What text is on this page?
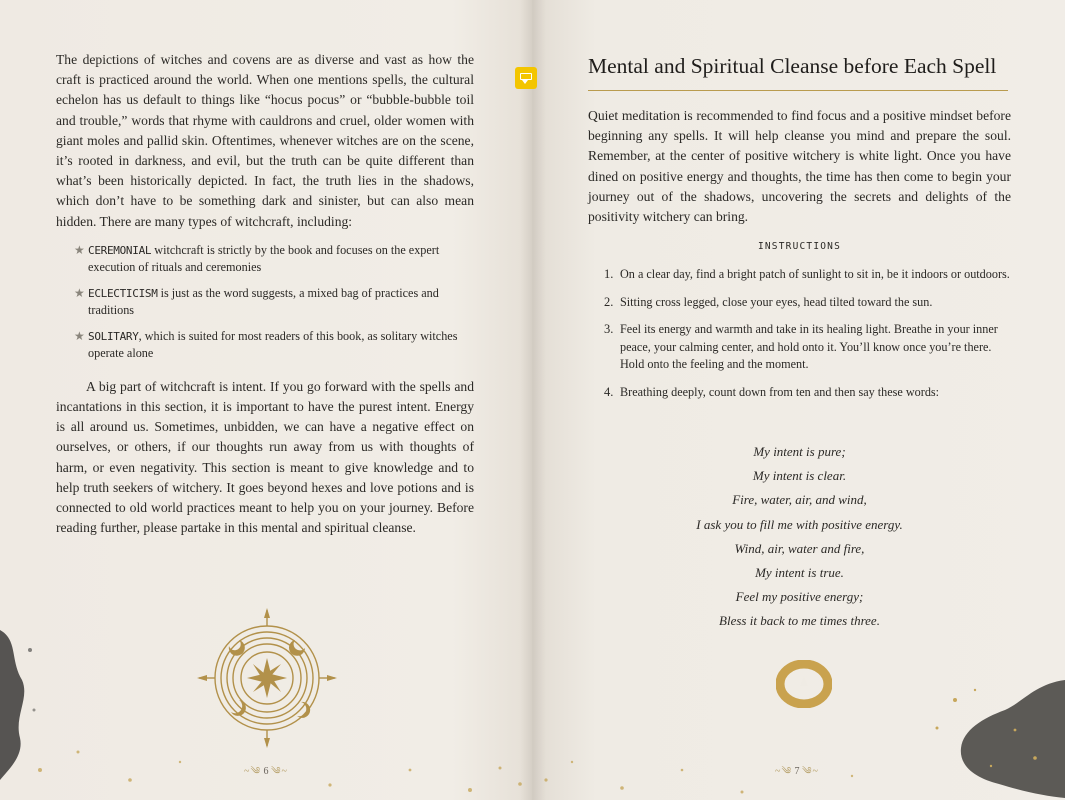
The depictions of witches and covens are as diverse and vast as how the craft is practiced around the world. When one mentions spells, the cultural echelon has us default to things like “hocus pocus” or “bubble-bubble toil and trouble,” words that rhyme with cauldrons and cruel, older women with giant moles and pallid skin. Oftentimes, whenever witches are on the scene, it’s rooted in darkness, and evil, but the truth can be quite different than what’s been historically depicted. In fact, the truth lies in the shadows, which don’t have to be something dark and sinister, but can also mean hidden. There are many types of witchcraft, including:

★ CEREMONIAL witchcraft is strictly by the book and focuses on the expert execution of rituals and ceremonies
★ ECLECTICISM is just as the word suggests, a mixed bag of practices and traditions
★ SOLITARY, which is suited for most readers of this book, as solitary witches operate alone

A big part of witchcraft is intent. If you go forward with the spells and incantations in this section, it is important to have the purest intent. Energy is all around us. Sometimes, unbidden, we can have a negative effect on ourselves, or others, if our thoughts run away from us with thoughts of harm, or even negativity. This section is meant to give knowledge and to help truth seekers of witchery. It goes beyond hexes and love potions and is connected to old world practices meant to help you on your journey. Before reading further, please partake in this mental and spiritual cleanse.

~༄ 6 ༄~
Mental and Spiritual Cleanse before Each Spell

Quiet meditation is recommended to find focus and a positive mindset before beginning any spells. It will help cleanse you mind and prepare the soul. Remember, at the center of positive witchery is white light. Once you have dined on positive energy and thoughts, the time has then come to begin your journey out of the shadows, uncovering the secrets and delights of the positivity witchery can bring.

INSTRUCTIONS
1. On a clear day, find a bright patch of sunlight to sit in, be it indoors or outdoors.
2. Sitting cross legged, close your eyes, head tilted toward the sun.
3. Feel its energy and warmth and take in its healing light. Breathe in your inner peace, your calming center, and hold onto it. You’ll know once you’re there. Hold onto the feeling and the moment.
4. Breathing deeply, count down from ten and then say these words:
My intent is pure;
My intent is clear.
Fire, water, air, and wind,
I ask you to fill me with positive energy.
Wind, air, water and fire,
My intent is true.
Feel my positive energy;
Bless it back to me times three.
~༄ 7 ༄~
